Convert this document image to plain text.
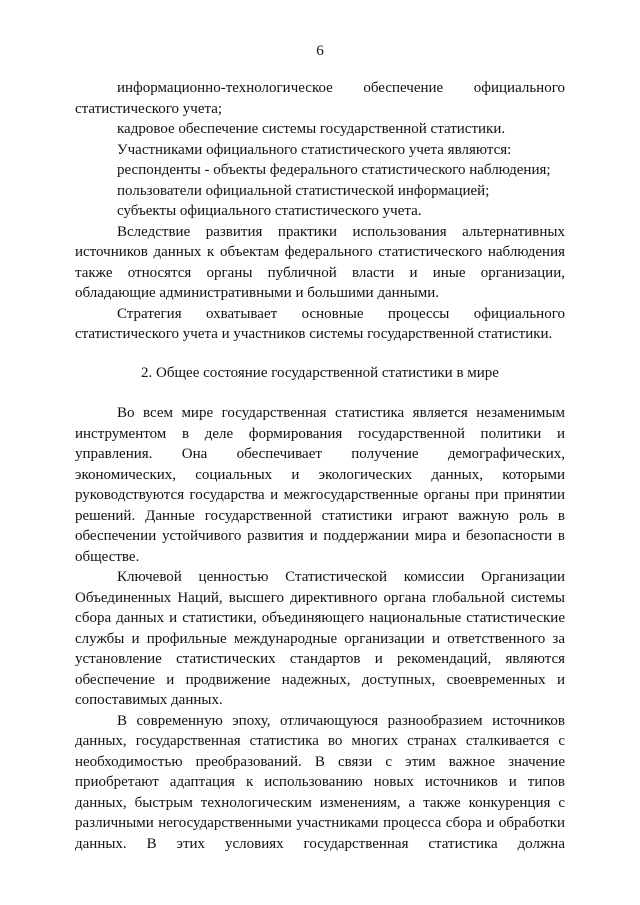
6

информационно-технологическое обеспечение официального статистического учета;

кадровое обеспечение системы государственной статистики.

Участниками официального статистического учета являются:

респонденты - объекты федерального статистического наблюдения;

пользователи официальной статистической информацией;

субъекты официального статистического учета.

Вследствие развития практики использования альтернативных источников данных к объектам федерального статистического наблюдения также относятся органы публичной власти и иные организации, обладающие административными и большими данными.

Стратегия охватывает основные процессы официального статистического учета и участников системы государственной статистики.

2. Общее состояние государственной статистики в мире

Во всем мире государственная статистика является незаменимым инструментом в деле формирования государственной политики и управления. Она обеспечивает получение демографических, экономических, социальных и экологических данных, которыми руководствуются государства и межгосударственные органы при принятии решений. Данные государственной статистики играют важную роль в обеспечении устойчивого развития и поддержании мира и безопасности в обществе.

Ключевой ценностью Статистической комиссии Организации Объединенных Наций, высшего директивного органа глобальной системы сбора данных и статистики, объединяющего национальные статистические службы и профильные международные организации и ответственного за установление статистических стандартов и рекомендаций, являются обеспечение и продвижение надежных, доступных, своевременных и сопоставимых данных.

В современную эпоху, отличающуюся разнообразием источников данных, государственная статистика во многих странах сталкивается с необходимостью преобразований. В связи с этим важное значение приобретают адаптация к использованию новых источников и типов данных, быстрым технологическим изменениям, а также конкуренция с различными негосударственными участниками процесса сбора и обработки данных. В этих условиях государственная статистика должна
